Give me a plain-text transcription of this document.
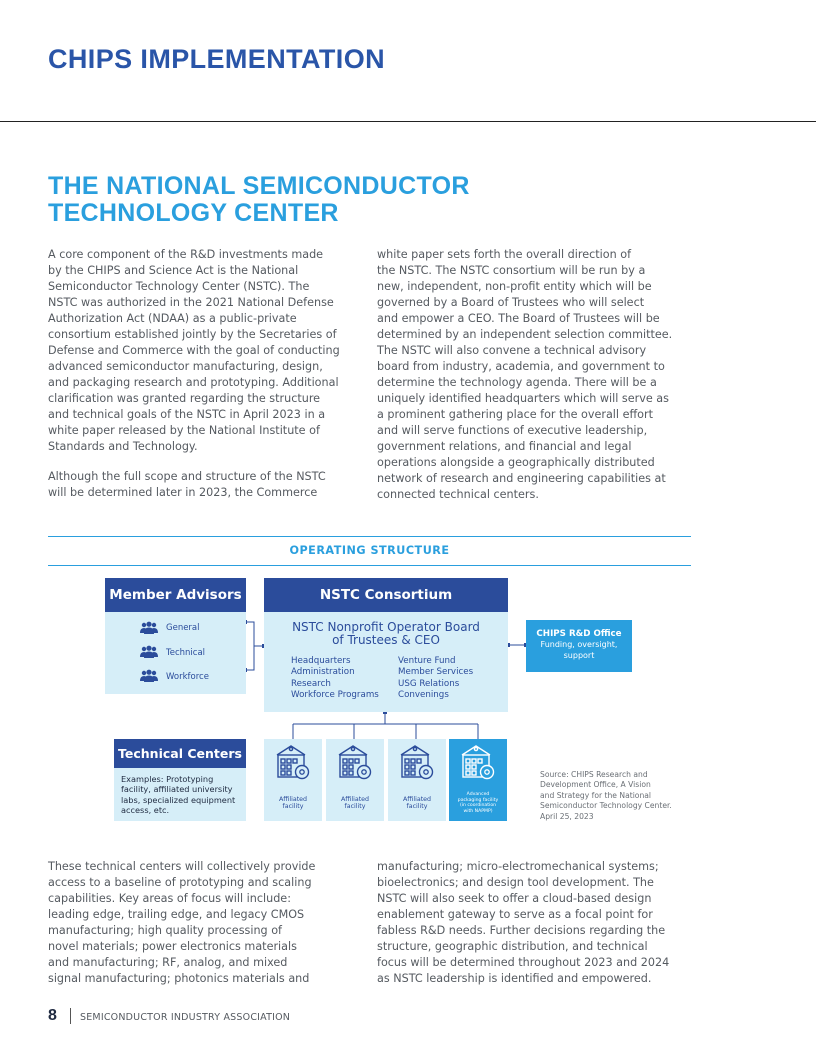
CHIPS IMPLEMENTATION
THE NATIONAL SEMICONDUCTOR
TECHNOLOGY CENTER

A core component of the R&D investments made
by the CHIPS and Science Act is the National
Semiconductor Technology Center (NSTC). The
NSTC was authorized in the 2021 National Defense
Authorization Act (NDAA) as a public-private
consortium established jointly by the Secretaries of
Defense and Commerce with the goal of conducting
advanced semiconductor manufacturing, design,
and packaging research and prototyping. Additional
clarification was granted regarding the structure
and technical goals of the NSTC in April 2023 in a
white paper released by the National Institute of
Standards and Technology.

Although the full scope and structure of the NSTC
will be determined later in 2023, the Commerce

white paper sets forth the overall direction of
the NSTC. The NSTC consortium will be run by a
new, independent, non-profit entity which will be
governed by a Board of Trustees who will select
and empower a CEO. The Board of Trustees will be
determined by an independent selection committee.
The NSTC will also convene a technical advisory
board from industry, academia, and government to
determine the technology agenda. There will be a
uniquely identified headquarters which will serve as
a prominent gathering place for the overall effort
and will serve functions of executive leadership,
government relations, and financial and legal
operations alongside a geographically distributed
network of research and engineering capabilities at
connected technical centers.

OPERATING STRUCTURE
Member Advisors
General
Technical
Workforce
NSTC Consortium
NSTC Nonprofit Operator Board
of Trustees & CEO
Headquarters
Administration
Research
Workforce Programs
Venture Fund
Member Services
USG Relations
Convenings
CHIPS R&D Office
Funding, oversight,
support
Technical Centers
Examples: Prototyping facility, affiliated university labs, specialized equipment access, etc.
Affiliated
facility
Affiliated
facility
Affiliated
facility
Advanced
packaging facility
(in coordination
with NAPMP)
Source: CHIPS Research and
Development Office, A Vision
and Strategy for the National
Semiconductor Technology Center.
April 25, 2023

These technical centers will collectively provide
access to a baseline of prototyping and scaling
capabilities. Key areas of focus will include:
leading edge, trailing edge, and legacy CMOS
manufacturing; high quality processing of
novel materials; power electronics materials
and manufacturing; RF, analog, and mixed
signal manufacturing; photonics materials and

manufacturing; micro-electromechanical systems;
bioelectronics; and design tool development. The
NSTC will also seek to offer a cloud-based design
enablement gateway to serve as a focal point for
fabless R&D needs. Further decisions regarding the
structure, geographic distribution, and technical
focus will be determined throughout 2023 and 2024
as NSTC leadership is identified and empowered.

8 SEMICONDUCTOR INDUSTRY ASSOCIATION
